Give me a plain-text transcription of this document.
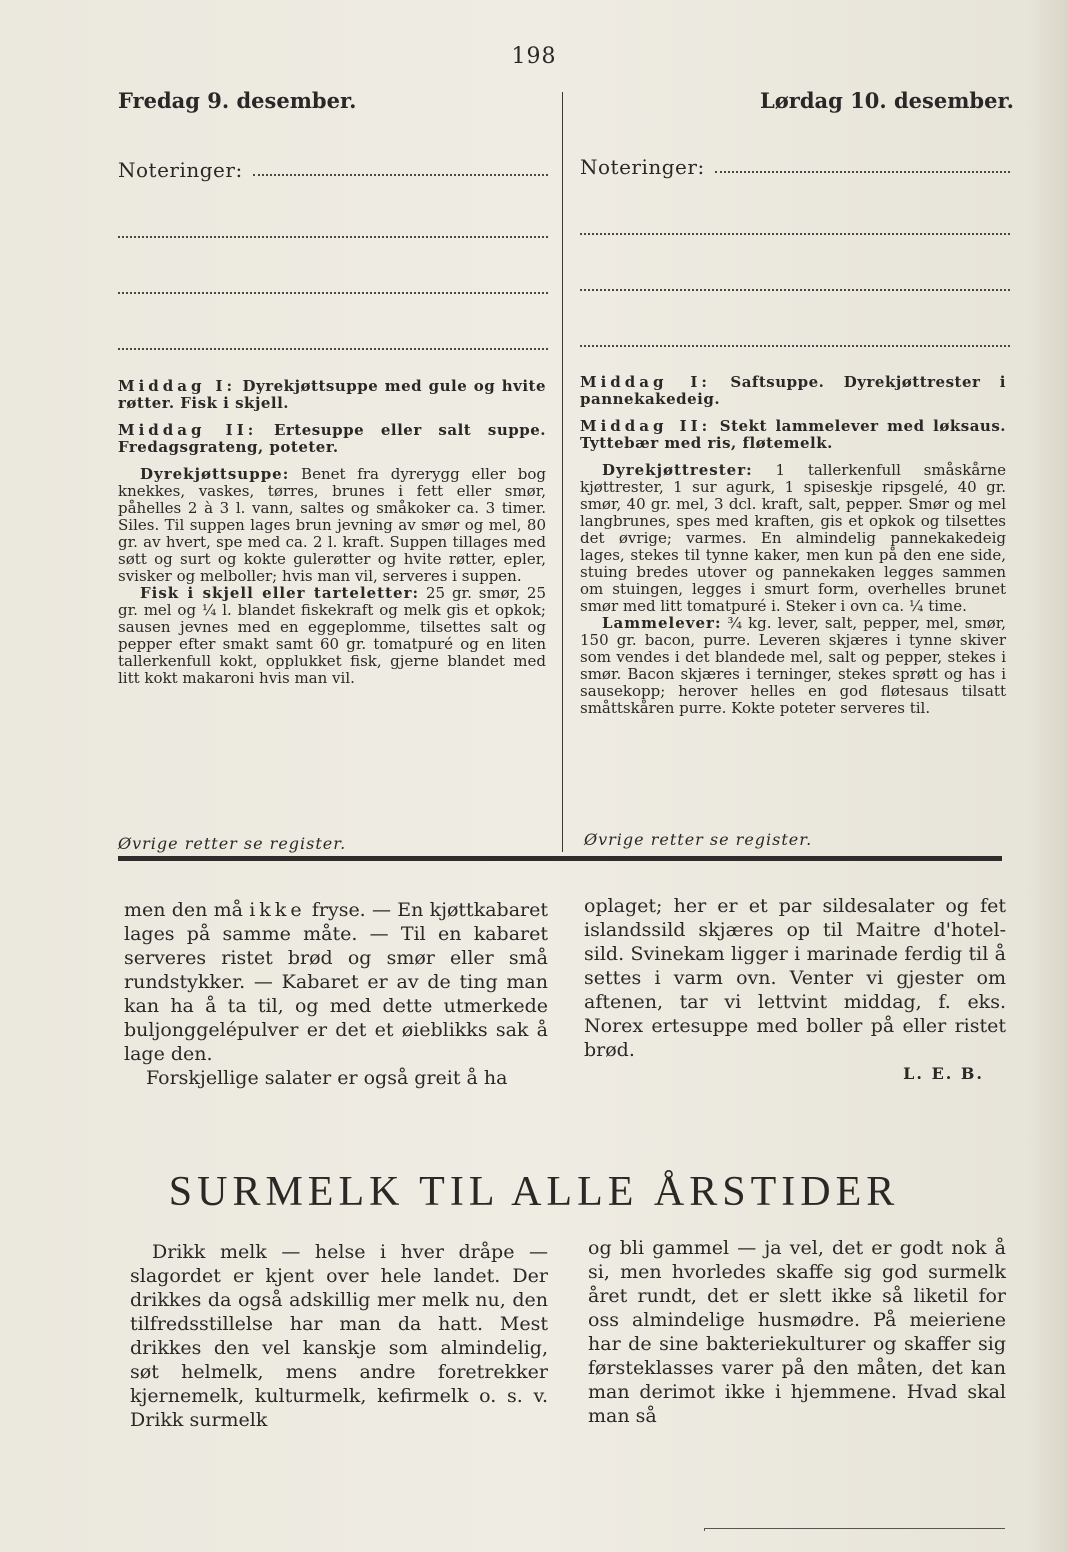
198
Fredag 9. desember.	Lørdag 10. desember.
Noteringer:	Noteringer:
Middag I: Dyrekjøttsuppe med gule og hvite røtter. Fisk i skjell.
Middag II: Ertesuppe eller salt suppe. Fredagsgrateng, poteter.

Dyrekjøttsuppe: Benet fra dyrerygg eller bog knekkes, vaskes, tørres, brunes i fett eller smør, påhelles 2 à 3 l. vann, saltes og småkoker ca. 3 timer. Siles. Til suppen lages brun jevning av smør og mel, 80 gr. av hvert, spe med ca. 2 l. kraft. Suppen tillages med søtt og surt og kokte gulerøtter og hvite røtter, epler, svisker og melboller; hvis man vil, serveres i suppen.

Fisk i skjell eller tarteletter: 25 gr. smør, 25 gr. mel og ¼ l. blandet fiskekraft og melk gis et opkok; sausen jevnes med en eggeplomme, tilsettes salt og pepper efter smakt samt 60 gr. tomatpuré og en liten tallerkenfull kokt, opplukket fisk, gjerne blandet med litt kokt makaroni hvis man vil.

Middag I: Saftsuppe. Dyrekjøttrester i pannekakedeig.
Middag II: Stekt lammelever med løksaus. Tyttebær med ris, fløtemelk.

Dyrekjøttrester: 1 tallerkenfull småskårne kjøttrester, 1 sur agurk, 1 spiseskje ripsgelé, 40 gr. smør, 40 gr. mel, 3 dcl. kraft, salt, pepper. Smør og mel langbrunes, spes med kraften, gis et opkok og tilsettes det øvrige; varmes. En almindelig pannekakedeig lages, stekes til tynne kaker, men kun på den ene side, stuing bredes utover og pannekaken legges sammen om stuingen, legges i smurt form, overhelles brunet smør med litt tomatpuré i. Steker i ovn ca. ¼ time.

Lammelever: ¾ kg. lever, salt, pepper, mel, smør, 150 gr. bacon, purre. Leveren skjæres i tynne skiver som vendes i det blandede mel, salt og pepper, stekes i smør. Bacon skjæres i terninger, stekes sprøtt og has i sausekopp; herover helles en god fløtesaus tilsatt småttskåren purre. Kokte poteter serveres til.

Øvrige retter se register.	Øvrige retter se register.

men den må ikke fryse. — En kjøttkabaret lages på samme måte. — Til en kabaret serveres ristet brød og smør eller små rundstykker. — Kabaret er av de ting man kan ha å ta til, og med dette utmerkede buljonggelépulver er det et øieblikks sak å lage den.

Forskjellige salater er også greit å ha

oplaget; her er et par sildesalater og fet islandssild skjæres op til Maitre d'hotel-sild. Svinekam ligger i marinade ferdig til å settes i varm ovn. Venter vi gjester om aftenen, tar vi lettvint middag, f. eks. Norex ertesuppe med boller på eller ristet brød.

L. E. B.
SURMELK TIL ALLE ÅRSTIDER

Drikk melk — helse i hver dråpe — slagordet er kjent over hele landet. Der drikkes da også adskillig mer melk nu, den tilfredsstillelse har man da hatt. Mest drikkes den vel kanskje som almindelig, søt helmelk, mens andre foretrekker kjernemelk, kulturmelk, kefirmelk o. s. v. Drikk surmelk

og bli gammel — ja vel, det er godt nok å si, men hvorledes skaffe sig god surmelk året rundt, det er slett ikke så liketil for oss almindelige husmødre. På meieriene har de sine bakteriekulturer og skaffer sig førsteklasses varer på den måten, det kan man derimot ikke i hjemmene. Hvad skal man så
